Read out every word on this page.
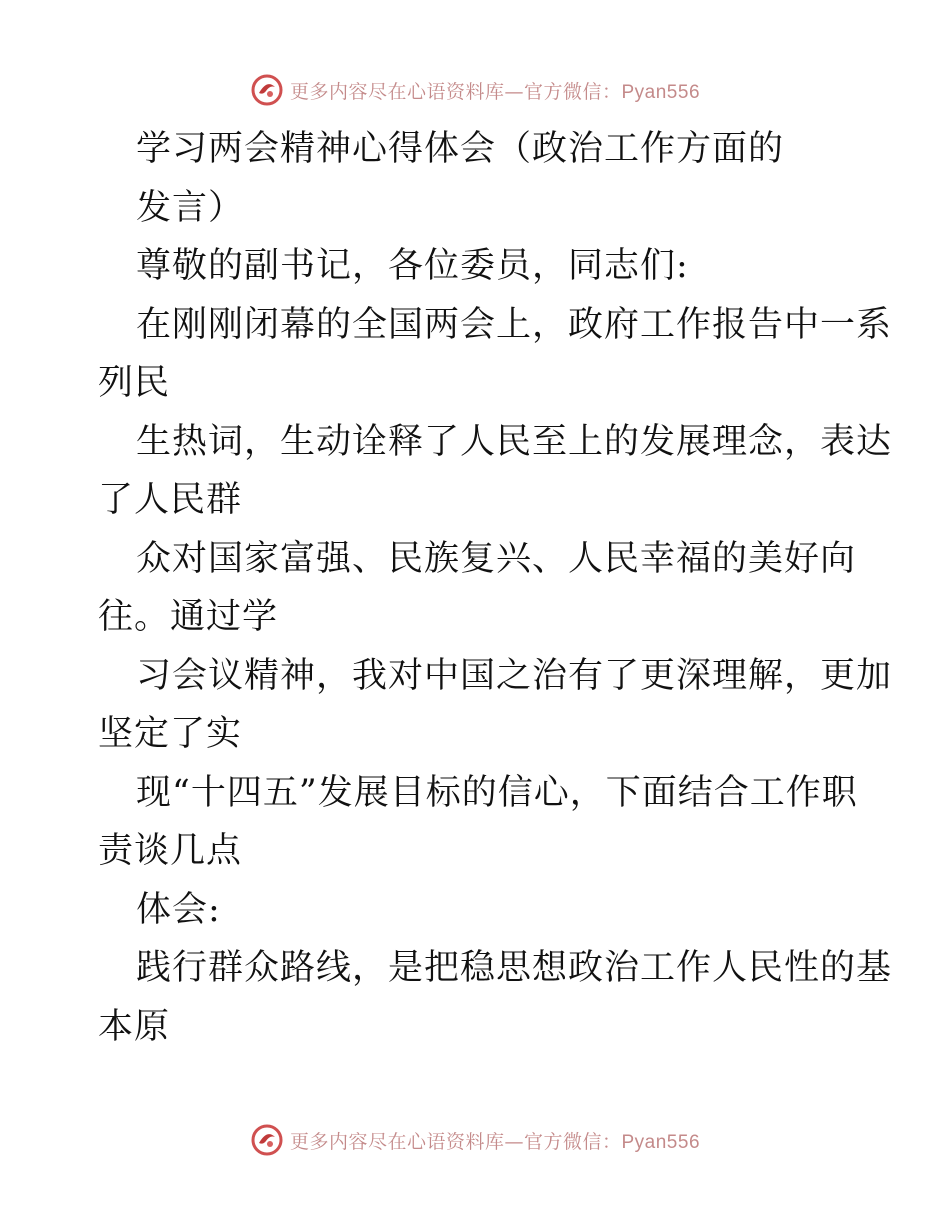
更多内容尽在心语资料库—官方微信：Pyan556
学习两会精神心得体会（政治工作方面的
发言）
尊敬的副书记，各位委员，同志们:
在刚刚闭幕的全国两会上，政府工作报告中一系
列民
生热词，生动诠释了人民至上的发展理念，表达
了人民群
众对国家富强、民族复兴、人民幸福的美好向
往。通过学
习会议精神，我对中国之治有了更深理解，更加
坚定了实
现“十四五”发展目标的信心，下面结合工作职
责谈几点
体会:
践行群众路线，是把稳思想政治工作人民性的基
本原
更多内容尽在心语资料库—官方微信：Pyan556
